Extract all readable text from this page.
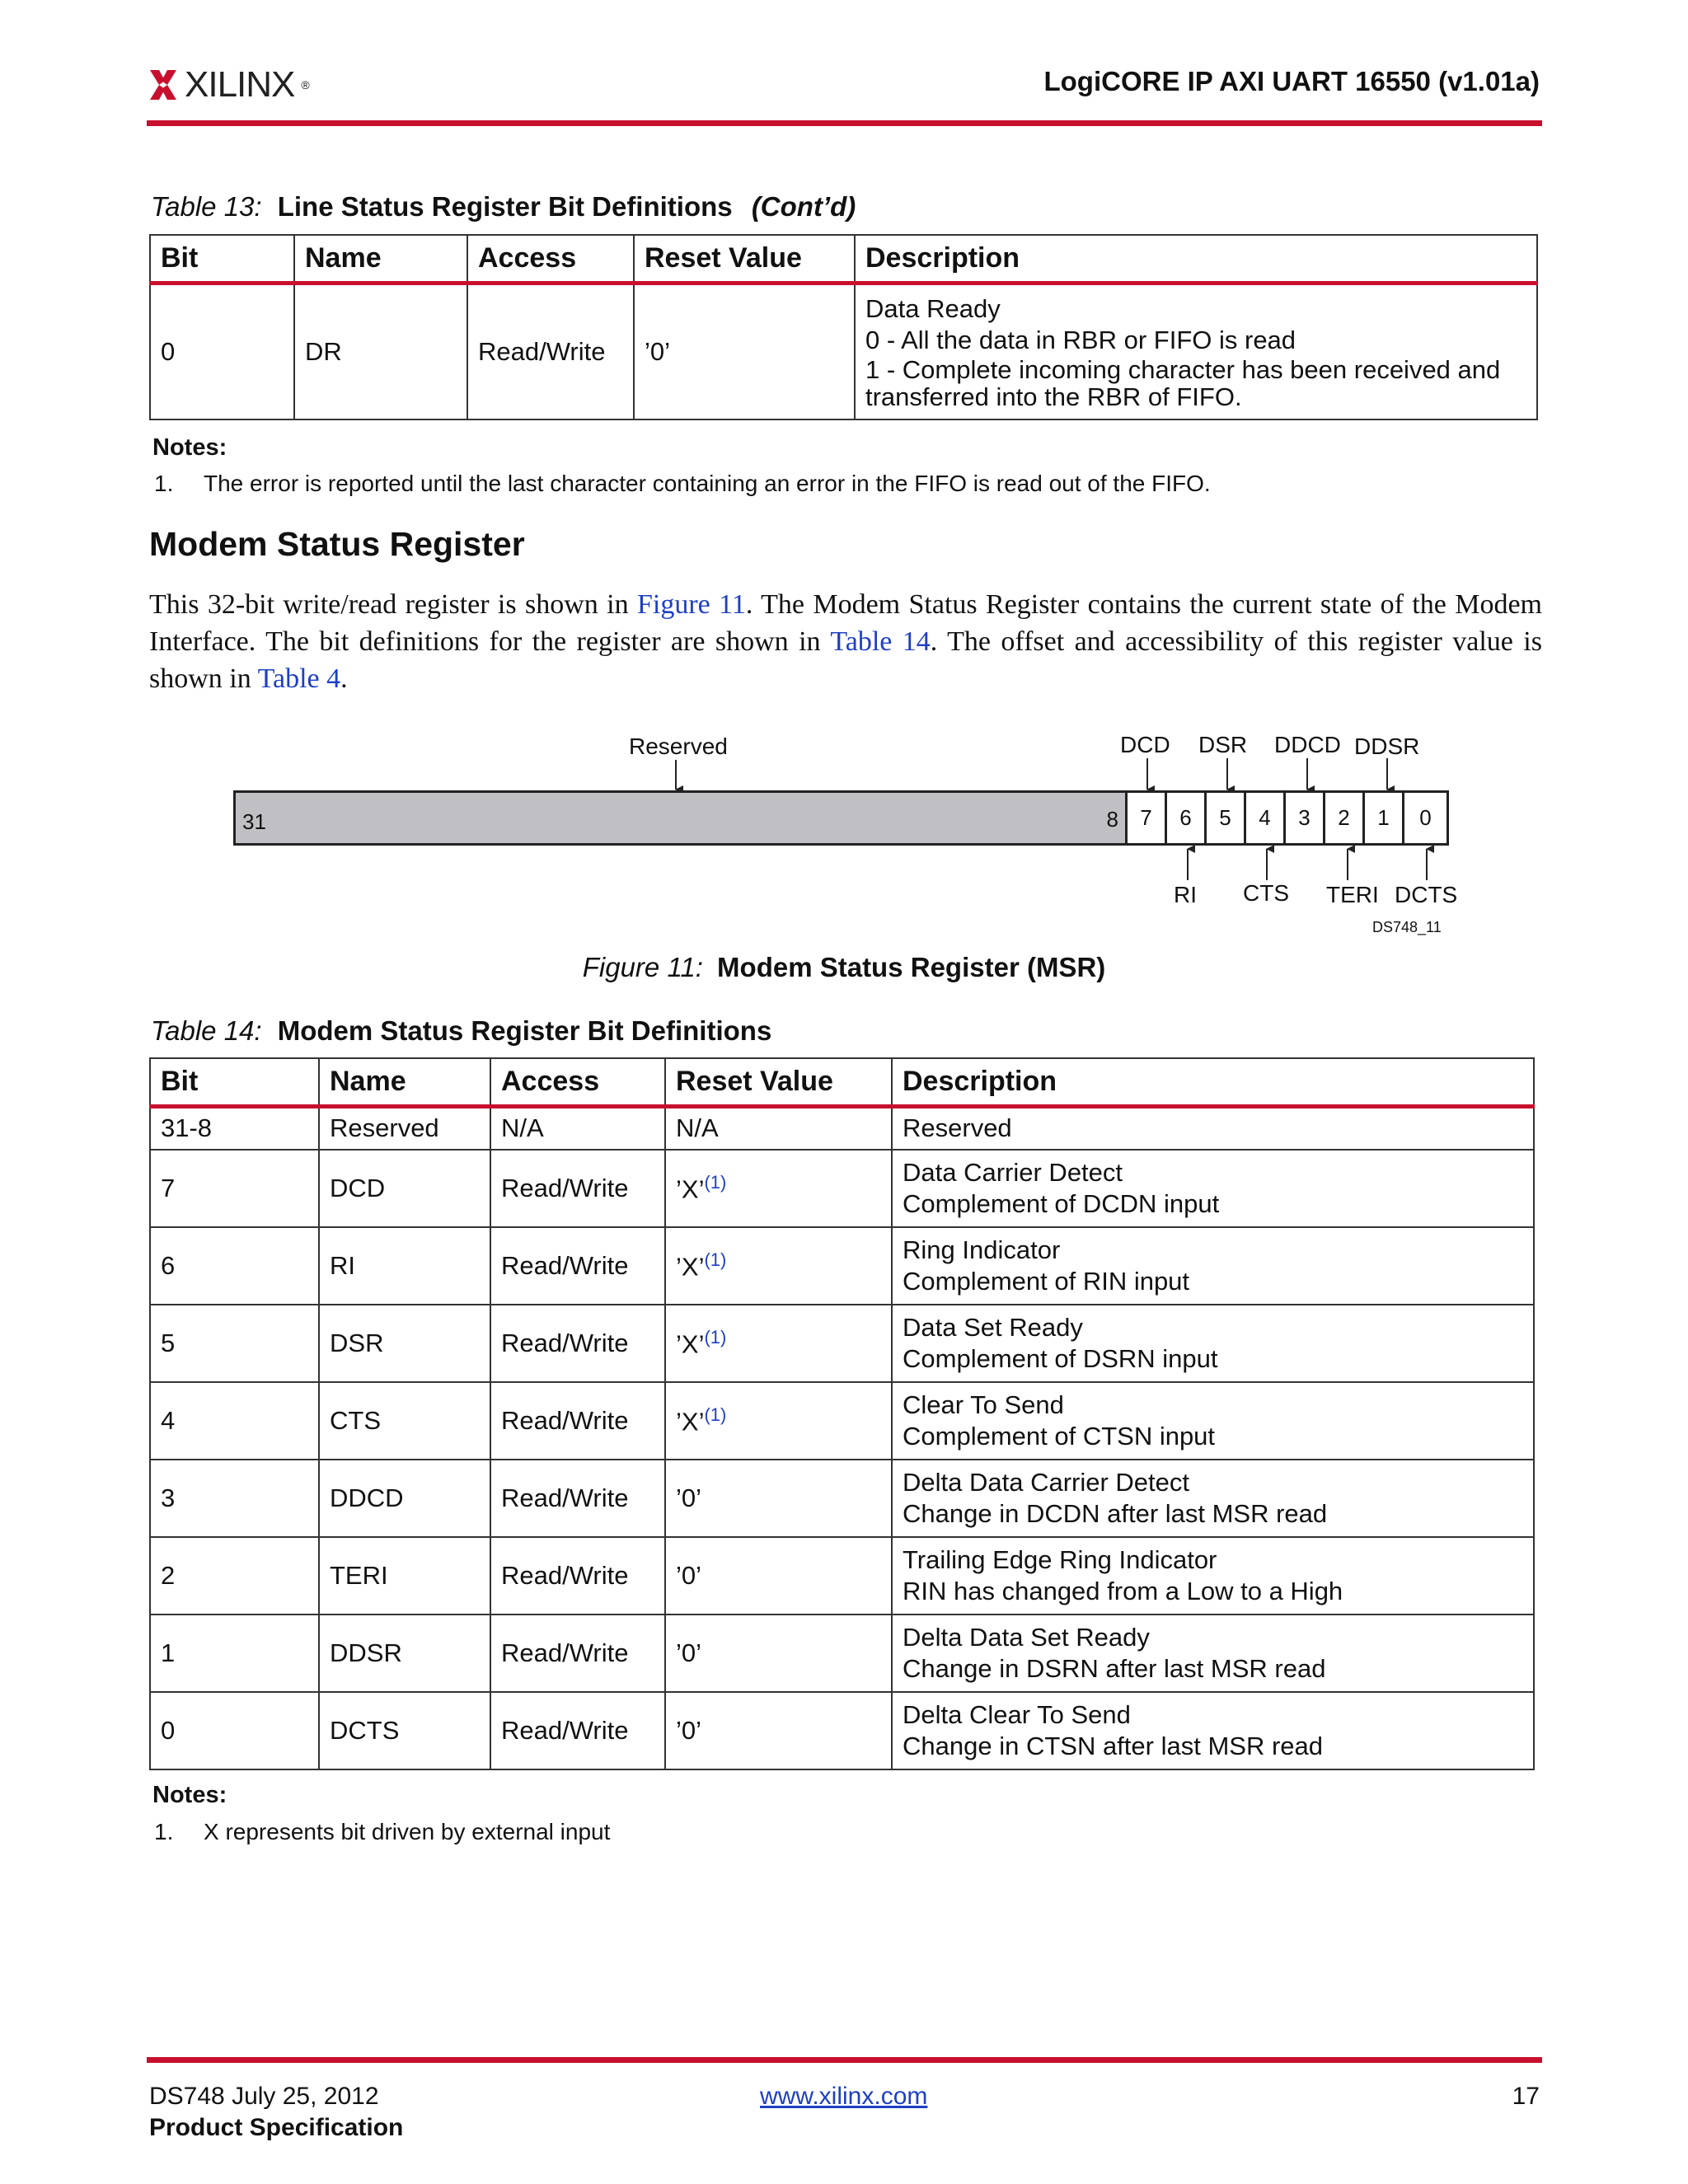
XILINX ®	LogiCORE IP AXI UART 16550 (v1.01a)
Table 13: Line Status Register Bit Definitions (Cont’d)
Bit	Name	Access	Reset Value	Description
0	DR	Read/Write	’0’	Data Ready
0 - All the data in RBR or FIFO is read
1 - Complete incoming character has been received and
transferred into the RBR of FIFO.
Notes:
1. The error is reported until the last character containing an error in the FIFO is read out of the FIFO.
Modem Status Register
This 32-bit write/read register is shown in Figure 11. The Modem Status Register contains the current state of the Modem Interface. The bit definitions for the register are shown in Table 14. The offset and accessibility of this register value is shown in Table 4.
Reserved	DCD DSR DDCD DDSR
31	8	7	6	5	4	3	2	1	0
RI CTS TERI DCTS
DS748_11
Figure 11: Modem Status Register (MSR)
Table 14: Modem Status Register Bit Definitions
Bit	Name	Access	Reset Value	Description
31-8	Reserved	N/A	N/A	Reserved
7	DCD	Read/Write	’X’$^{(1)}$	Data Carrier Detect
Complement of DCDN input

6	RI	Read/Write	’X’$^{(1)}$	Ring Indicator
Complement of RIN input

5	DSR	Read/Write	’X’$^{(1)}$	Data Set Ready
Complement of DSRN input

4	CTS	Read/Write	’X’$^{(1)}$	Clear To Send
Complement of CTSN input

3	DDCD	Read/Write	’0’	Delta Data Carrier Detect
Change in DCDN after last MSR read

2	TERI	Read/Write	’0’	Trailing Edge Ring Indicator
RIN has changed from a Low to a High

1	DDSR	Read/Write	’0’	Delta Data Set Ready
Change in DSRN after last MSR read

0	DCTS	Read/Write	’0’	Delta Clear To Send
Change in CTSN after last MSR read
Notes:
1. X represents bit driven by external input
DS748 July 25, 2012
Product Specification
www.xilinx.com	17
